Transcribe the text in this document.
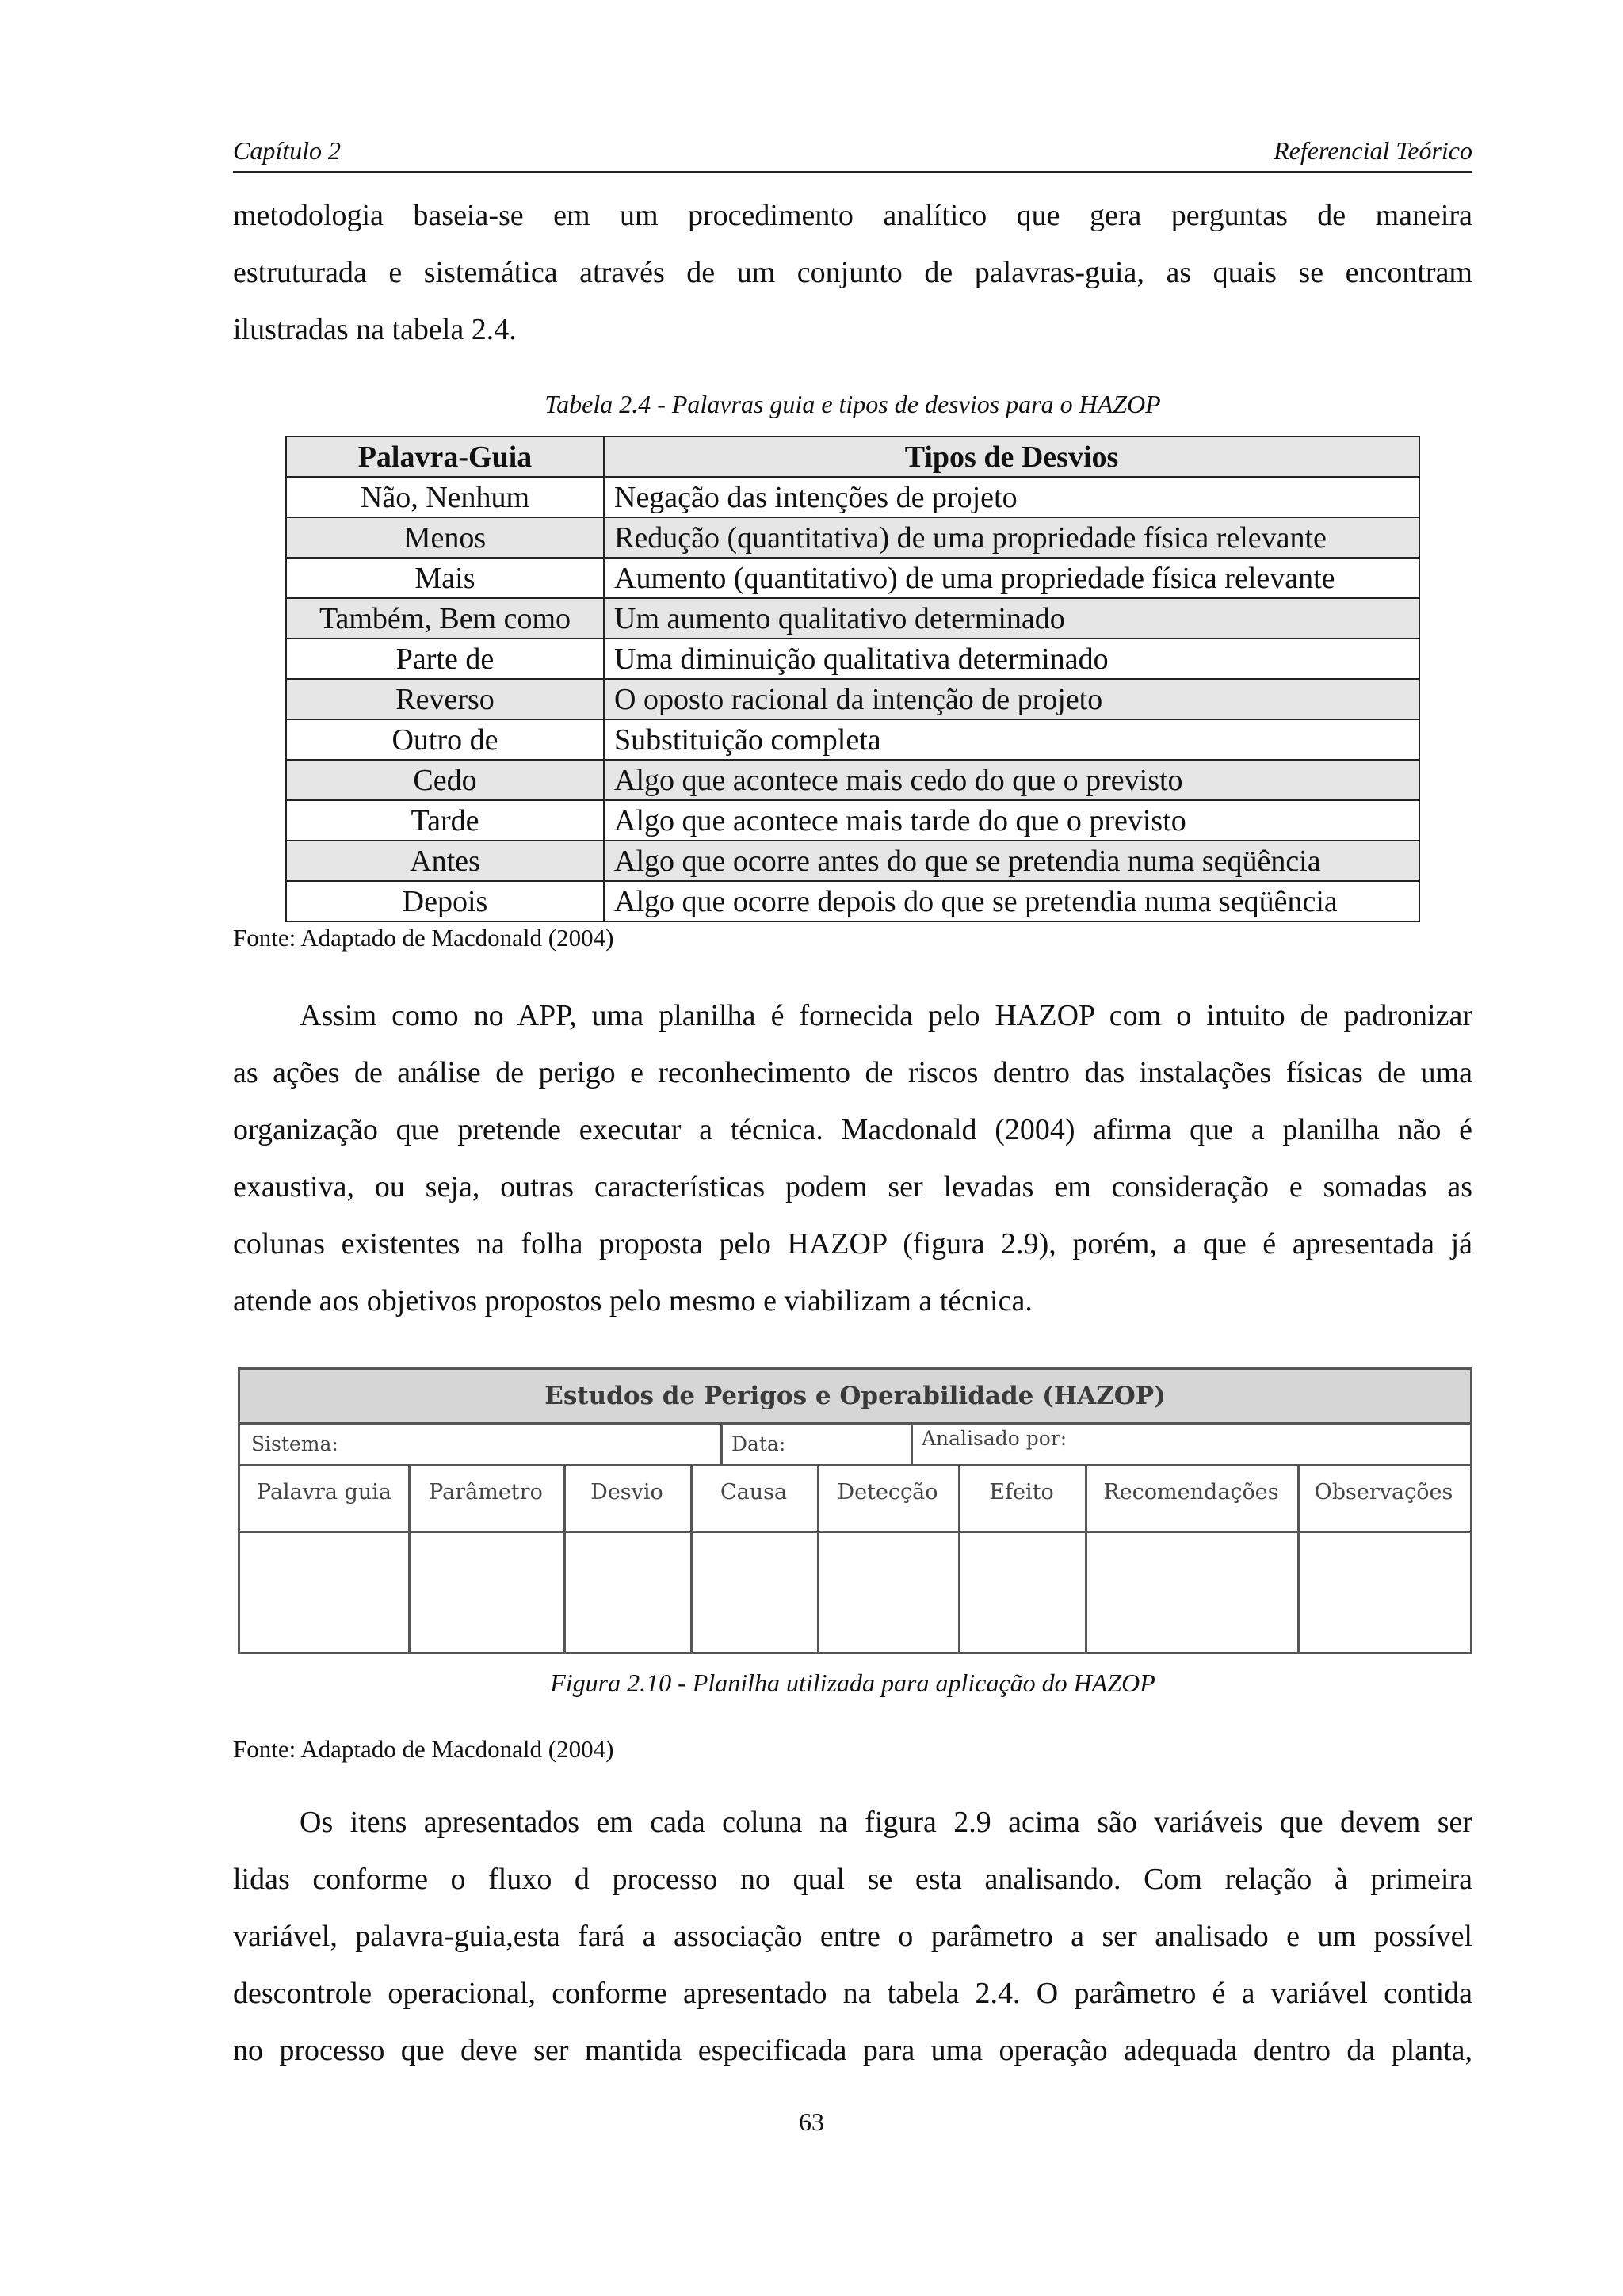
Capítulo 2	Referencial Teórico
metodologia baseia-se em um procedimento analítico que gera perguntas de maneira
estruturada e sistemática através de um conjunto de palavras-guia, as quais se encontram
ilustradas na tabela 2.4.
Tabela 2.4 - Palavras guia e tipos de desvios para o HAZOP
Palavra-Guia	Tipos de Desvios
Não, Nenhum	Negação das intenções de projeto
Menos	Redução (quantitativa) de uma propriedade física relevante
Mais	Aumento (quantitativo) de uma propriedade física relevante
Também, Bem como	Um aumento qualitativo determinado
Parte de	Uma diminuição qualitativa determinado
Reverso	O oposto racional da intenção de projeto
Outro de	Substituição completa
Cedo	Algo que acontece mais cedo do que o previsto
Tarde	Algo que acontece mais tarde do que o previsto
Antes	Algo que ocorre antes do que se pretendia numa seqüência
Depois	Algo que ocorre depois do que se pretendia numa seqüência
Fonte: Adaptado de Macdonald (2004)
Assim como no APP, uma planilha é fornecida pelo HAZOP com o intuito de padronizar
as ações de análise de perigo e reconhecimento de riscos dentro das instalações físicas de uma
organização que pretende executar a técnica. Macdonald (2004) afirma que a planilha não é
exaustiva, ou seja, outras características podem ser levadas em consideração e somadas as
colunas existentes na folha proposta pelo HAZOP (figura 2.9), porém, a que é apresentada já
atende aos objetivos propostos pelo mesmo e viabilizam a técnica.
Estudos de Perigos e Operabilidade (HAZOP)
Sistema:	Data:	Analisado por:
Palavra guia	Parâmetro	Desvio	Causa	Detecção	Efeito	Recomendações	Observações
Figura 2.10 - Planilha utilizada para aplicação do HAZOP
Fonte: Adaptado de Macdonald (2004)
Os itens apresentados em cada coluna na figura 2.9 acima são variáveis que devem ser
lidas conforme o fluxo d processo no qual se esta analisando. Com relação à primeira
variável, palavra-guia,esta fará a associação entre o parâmetro a ser analisado e um possível
descontrole operacional, conforme apresentado na tabela 2.4. O parâmetro é a variável contida
no processo que deve ser mantida especificada para uma operação adequada dentro da planta,
63
